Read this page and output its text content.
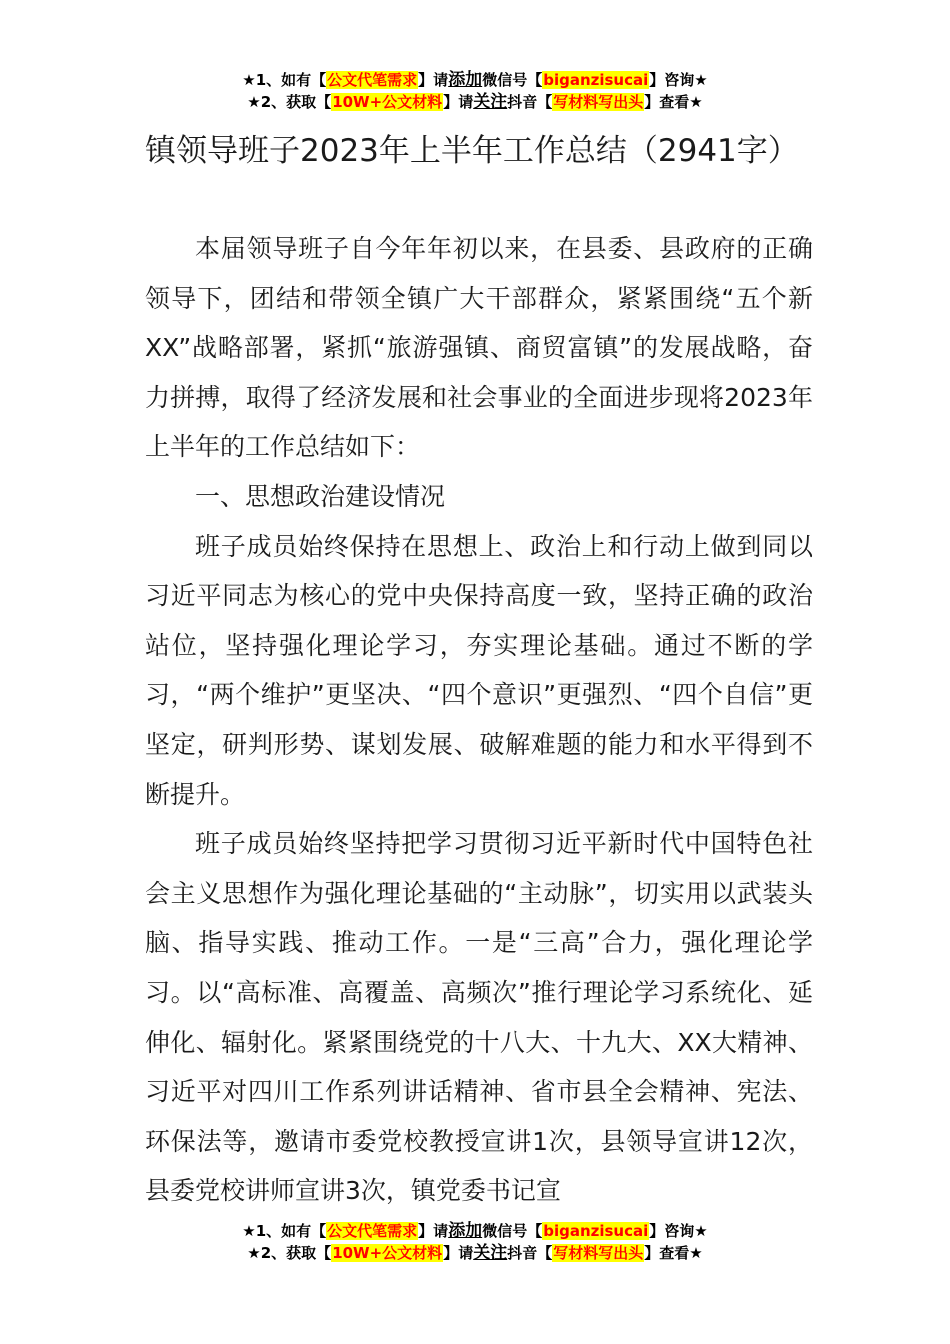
★1、如有【公文代笔需求】请添加微信号【biganzisucai】咨询★
★2、获取【10W+公文材料】请关注抖音【写材料写出头】查看★
镇领导班子2023年上半年工作总结（2941字）

本届领导班子自今年年初以来，在县委、县政府的正确领导下，团结和带领全镇广大干部群众，紧紧围绕“五个新XX”战略部署，紧抓“旅游强镇、商贸富镇”的发展战略，奋力拼搏，取得了经济发展和社会事业的全面进步现将2023年上半年的工作总结如下：

一、思想政治建设情况

班子成员始终保持在思想上、政治上和行动上做到同以习近平同志为核心的党中央保持高度一致，坚持正确的政治站位，坚持强化理论学习，夯实理论基础。通过不断的学习，“两个维护”更坚决、“四个意识”更强烈、“四个自信”更坚定，研判形势、谋划发展、破解难题的能力和水平得到不断提升。

班子成员始终坚持把学习贯彻习近平新时代中国特色社会主义思想作为强化理论基础的“主动脉”，切实用以武装头脑、指导实践、推动工作。一是“三高”合力，强化理论学习。以“高标准、高覆盖、高频次”推行理论学习系统化、延伸化、辐射化。紧紧围绕党的十八大、十九大、XX大精神、习近平对四川工作系列讲话精神、省市县全会精神、宪法、环保法等，邀请市委党校教授宣讲1次，县领导宣讲12次，县委党校讲师宣讲3次，镇党委书记宣

★1、如有【公文代笔需求】请添加微信号【biganzisucai】咨询★
★2、获取【10W+公文材料】请关注抖音【写材料写出头】查看★
